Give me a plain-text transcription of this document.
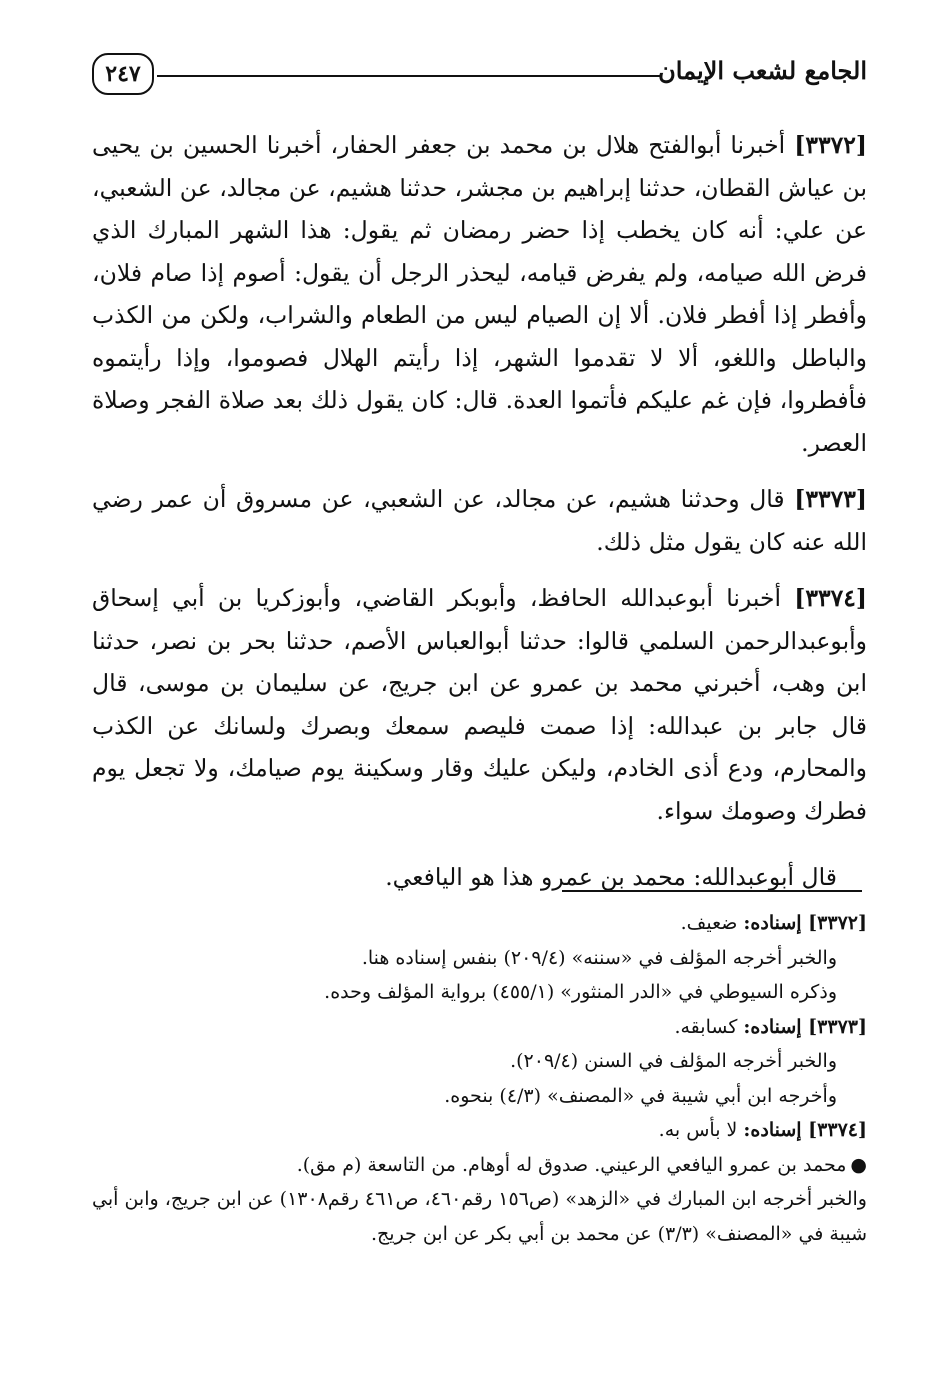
الجامع لشعب الإيمان
٢٤٧

[٣٣٧٢] أخبرنا أبوالفتح هلال بن محمد بن جعفر الحفار، أخبرنا الحسين بن يحيى بن عياش القطان، حدثنا إبراهيم بن مجشر، حدثنا هشيم، عن مجالد، عن الشعبي، عن علي: أنه كان يخطب إذا حضر رمضان ثم يقول: هذا الشهر المبارك الذي فرض الله صيامه، ولم يفرض قيامه، ليحذر الرجل أن يقول: أصوم إذا صام فلان، وأفطر إذا أفطر فلان. ألا إن الصيام ليس من الطعام والشراب، ولكن من الكذب والباطل واللغو، ألا لا تقدموا الشهر، إذا رأيتم الهلال فصوموا، وإذا رأيتموه فأفطروا، فإن غم عليكم فأتموا العدة. قال: كان يقول ذلك بعد صلاة الفجر وصلاة العصر.

[٣٣٧٣] قال وحدثنا هشيم، عن مجالد، عن الشعبي، عن مسروق أن عمر رضي الله عنه كان يقول مثل ذلك.

[٣٣٧٤] أخبرنا أبوعبدالله الحافظ، وأبوبكر القاضي، وأبوزكريا بن أبي إسحاق وأبوعبدالرحمن السلمي قالوا: حدثنا أبوالعباس الأصم، حدثنا بحر بن نصر، حدثنا ابن وهب، أخبرني محمد بن عمرو عن ابن جريج، عن سليمان بن موسى، قال قال جابر بن عبدالله: إذا صمت فليصم سمعك وبصرك ولسانك عن الكذب والمحارم، ودع أذى الخادم، وليكن عليك وقار وسكينة يوم صيامك، ولا تجعل يوم فطرك وصومك سواء.

قال أبوعبدالله: محمد بن عمرو هذا هو اليافعي.

[٣٣٧٢] إسناده: ضعيف.
والخبر أخرجه المؤلف في «سننه» (٢٠٩/٤) بنفس إسناده هنا.
وذكره السيوطي في «الدر المنثور» (٤٥٥/١) برواية المؤلف وحده.
[٣٣٧٣] إسناده: كسابقه.
والخبر أخرجه المؤلف في السنن (٢٠٩/٤).
وأخرجه ابن أبي شيبة في «المصنف» (٤/٣) بنحوه.
[٣٣٧٤] إسناده: لا بأس به.
●محمد بن عمرو اليافعي الرعيني. صدوق له أوهام. من التاسعة (م مق).
والخبر أخرجه ابن المبارك في «الزهد» (ص١٥٦ رقم٤٦٠، ص٤٦١ رقم١٣٠٨) عن ابن جريج، وابن أبي شيبة في «المصنف» (٣/٣) عن محمد بن أبي بكر عن ابن جريج.
